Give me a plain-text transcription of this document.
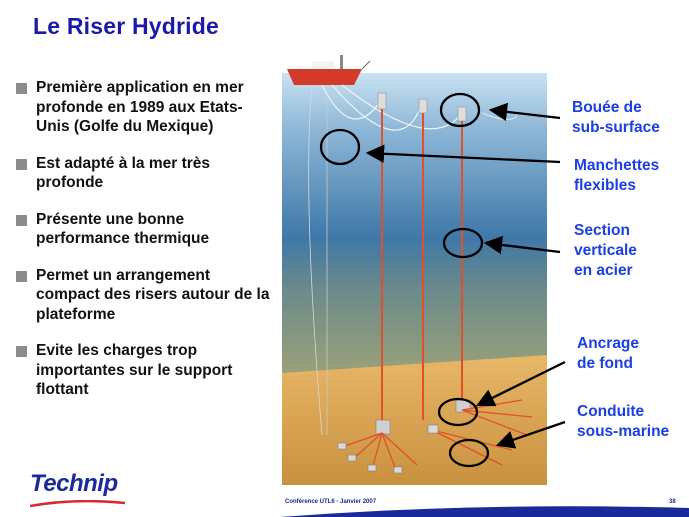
Le Riser Hydride
Première application en mer profonde en 1989 aux Etats-Unis (Golfe du Mexique)
Est adapté à la mer très profonde
Présente une bonne performance thermique
Permet un arrangement compact des risers autour de la plateforme
Evite les charges trop importantes sur le support flottant
Bouée de
sub-surface
Manchettes
flexibles
Section
verticale
en acier
Ancrage
de fond
Conduite
sous-marine
Technip
Conférence UTL6 - Janvier 2007	38
